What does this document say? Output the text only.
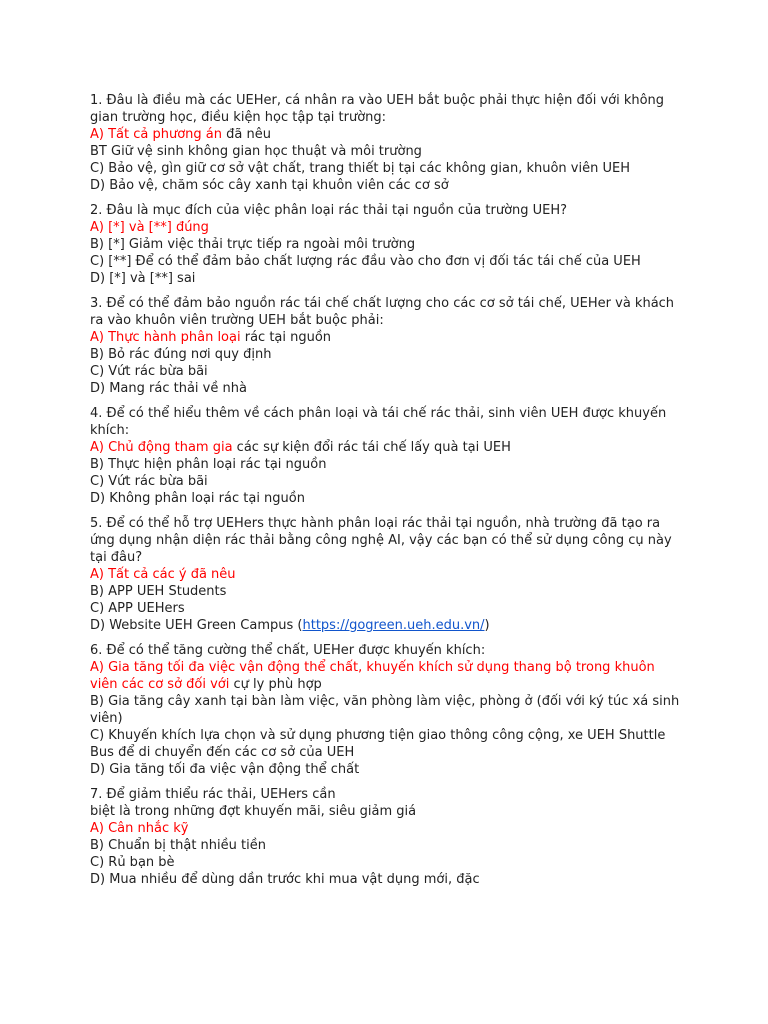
1. Đâu là điều mà các UEHer, cá nhân ra vào UEH bắt buộc phải thực hiện đối với không gian trường học, điều kiện học tập tại trường:
A) Tất cả phương án đã nêu
BT Giữ vệ sinh không gian học thuật và môi trường
C) Bảo vệ, gìn giữ cơ sở vật chất, trang thiết bị tại các không gian, khuôn viên UEH
D) Bảo vệ, chăm sóc cây xanh tại khuôn viên các cơ sở
2. Đâu là mục đích của việc phân loại rác thải tại nguồn của trường UEH?
A) [*] và [**] đúng
B) [*] Giảm việc thải trực tiếp ra ngoài môi trường
C) [**] Để có thể đảm bảo chất lượng rác đầu vào cho đơn vị đối tác tái chế của UEH
D) [*] và [**] sai
3. Để có thể đảm bảo nguồn rác tái chế chất lượng cho các cơ sở tái chế, UEHer và khách ra vào khuôn viên trường UEH bắt buộc phải:
A) Thực hành phân loại rác tại nguồn
B) Bỏ rác đúng nơi quy định
C) Vứt rác bừa bãi
D) Mang rác thải về nhà
4. Để có thể hiểu thêm về cách phân loại và tái chế rác thải, sinh viên UEH được khuyến khích:
A) Chủ động tham gia các sự kiện đổi rác tái chế lấy quà tại UEH
B) Thực hiện phân loại rác tại nguồn
C) Vứt rác bừa bãi
D) Không phân loại rác tại nguồn
5. Để có thể hỗ trợ UEHers thực hành phân loại rác thải tại nguồn, nhà trường đã tạo ra ứng dụng nhận diện rác thải bằng công nghệ AI, vậy các bạn có thể sử dụng công cụ này tại đâu?
A) Tất cả các ý đã nêu
B) APP UEH Students
C) APP UEHers
D) Website UEH Green Campus (https://gogreen.ueh.edu.vn/)
6. Để có thể tăng cường thể chất, UEHer được khuyến khích:
A) Gia tăng tối đa việc vận động thể chất, khuyến khích sử dụng thang bộ trong khuôn
viên các cơ sở đối với cự ly phù hợp
B) Gia tăng cây xanh tại bàn làm việc, văn phòng làm việc, phòng ở (đối với ký túc xá sinh
viên)
C) Khuyến khích lựa chọn và sử dụng phương tiện giao thông công cộng, xe UEH Shuttle
Bus để di chuyển đến các cơ sở của UEH
D) Gia tăng tối đa việc vận động thể chất
7. Để giảm thiểu rác thải, UEHers cần
biệt là trong những đợt khuyến mãi, siêu giảm giá
A) Cân nhắc kỹ
B) Chuẩn bị thật nhiều tiền
C) Rủ bạn bè
D) Mua nhiều để dùng dần trước khi mua vật dụng mới, đặc
